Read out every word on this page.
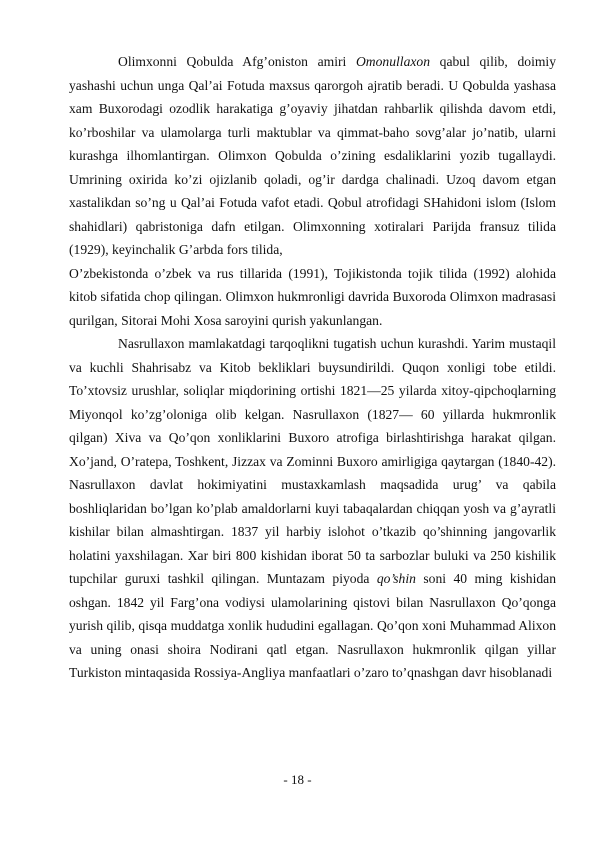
Olimxonni Qobulda Afg’oniston amiri Omonullaxon qabul qilib, doimiy yashashi uchun unga Qal’ai Fotuda maxsus qarorgoh ajratib beradi. U Qobulda yashasa xam Buxorodagi ozodlik harakatiga g’oyaviy jihatdan rahbarlik qilishda davom etdi, ko’rboshilar va ulamolarga turli maktublar va qimmat-baho sovg’alar jo’natib, ularni kurashga ilhomlantirgan. Olimxon Qobulda o’zining esdaliklarini yozib tugallaydi. Umrining oxirida ko’zi ojizlanib qoladi, og’ir dardga chalinadi. Uzoq davom etgan xastalikdan so’ng u Qal’ai Fotuda vafot etadi. Qobul atrofidagi SHahidoni islom (Islom shahidlari) qabristoniga dafn etilgan. Olimxonning xotiralari Parijda fransuz tilida (1929), keyinchalik G’arbda fors tilida,

O’zbekistonda o’zbek va rus tillarida (1991), Tojikistonda tojik tilida (1992) alohida kitob sifatida chop qilingan. Olimxon hukmronligi davrida Buxoroda Olimxon madrasasi qurilgan, Sitorai Mohi Xosa saroyini qurish yakunlangan.

Nasrullaxon mamlakatdagi tarqoqlikni tugatish uchun kurashdi. Yarim mustaqil va kuchli Shahrisabz va Kitob bekliklari buysundirildi. Quqon xonligi tobe etildi. To’xtovsiz urushlar, soliqlar miqdorining ortishi 1821—25 yilarda xitoy-qipchoqlarning Miyonqol ko’zg’oloniga olib kelgan. Nasrullaxon (1827— 60 yillarda hukmronlik qilgan) Xiva va Qo’qon xonliklarini Buxoro atrofiga birlashtirishga harakat qilgan. Xo’jand, O’ratepa, Toshkent, Jizzax va Zominni Buxoro amirligiga qaytargan (1840-42). Nasrullaxon davlat hokimiyatini mustaxkamlash maqsadida urug’ va qabila boshliqlaridan bo’lgan ko’plab amaldorlarni kuyi tabaqalardan chiqqan yosh va g’ayratli kishilar bilan almashtirgan. 1837 yil harbiy islohot o’tkazib qo’shinning jangovarlik holatini yaxshilagan. Xar biri 800 kishidan iborat 50 ta sarbozlar buluki va 250 kishilik tupchilar guruxi tashkil qilingan. Muntazam piyoda qo’shin soni 40 ming kishidan oshgan. 1842 yil Farg’ona vodiysi ulamolarining qistovi bilan Nasrullaxon Qo’qonga yurish qilib, qisqa muddatga xonlik hududini egallagan. Qo’qon xoni Muhammad Alixon va uning onasi shoira Nodirani qatl etgan. Nasrullaxon hukmronlik qilgan yillar Turkiston mintaqasida Rossiya-Angliya manfaatlari o’zaro to’qnashgan davr hisoblanadi

- 18 -
